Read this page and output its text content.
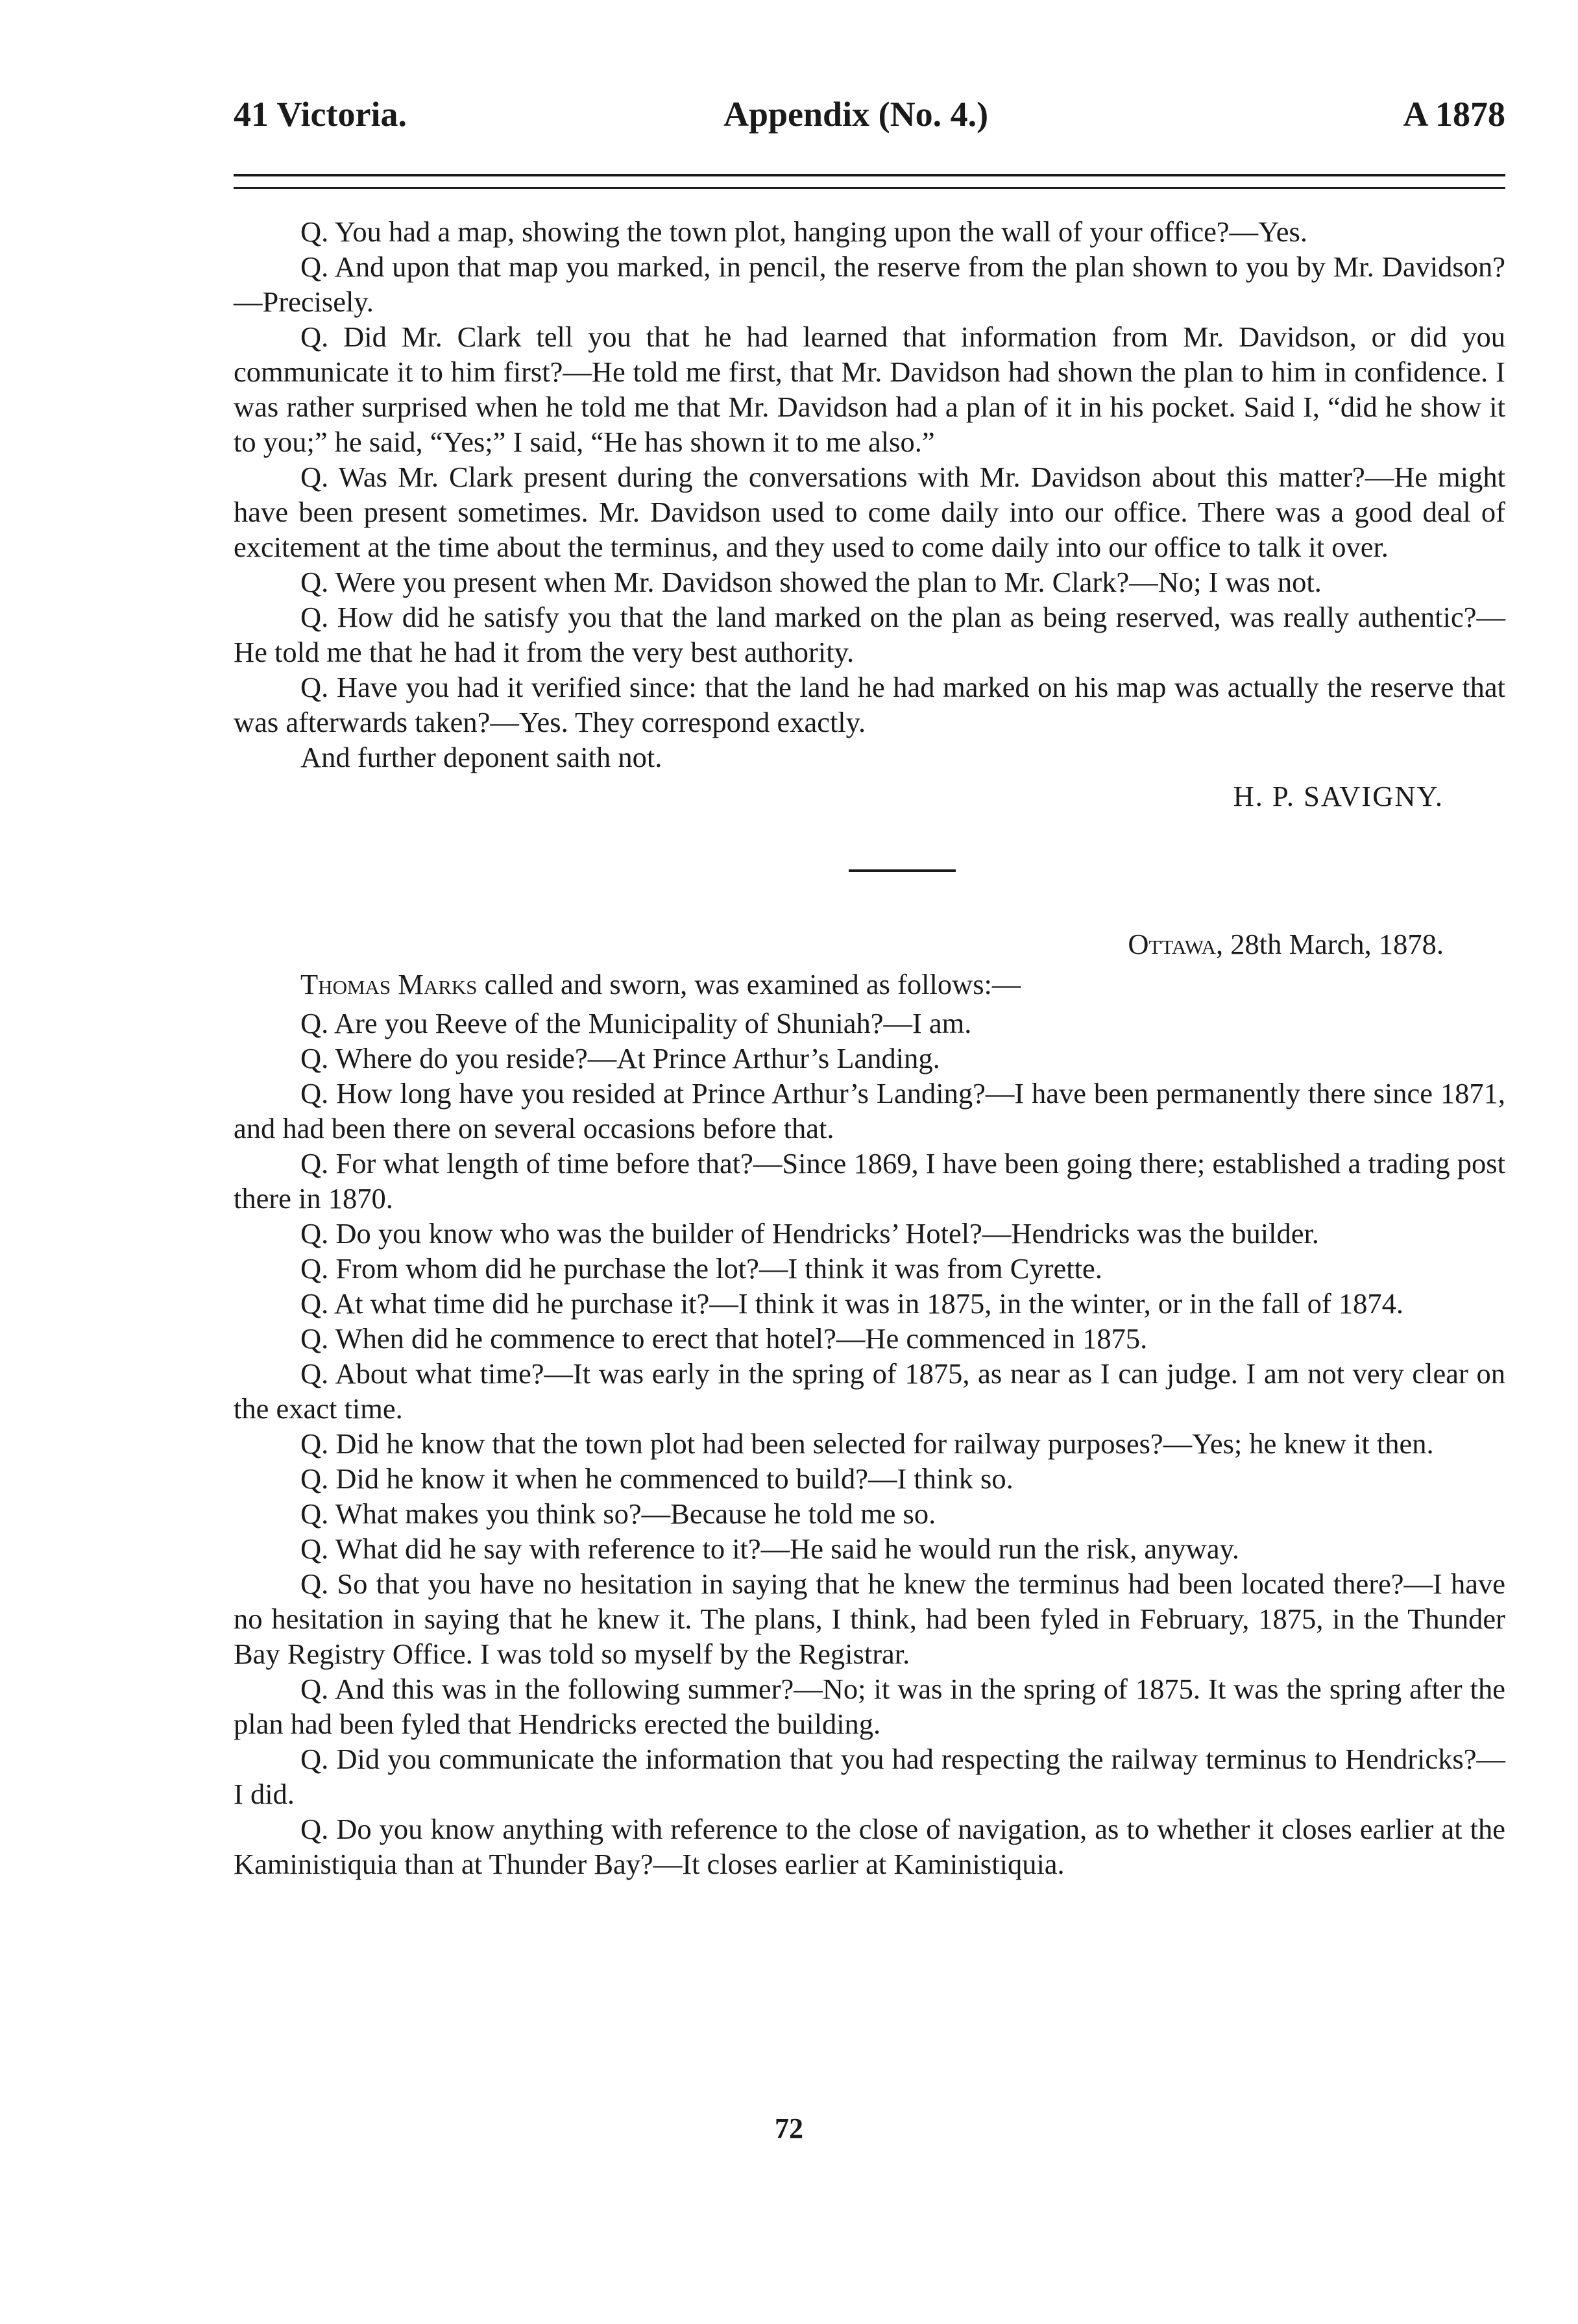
41 Victoria.	Appendix (No. 4.)	A 1878

Q. You had a map, showing the town plot, hanging upon the wall of your office?—Yes.

Q. And upon that map you marked, in pencil, the reserve from the plan shown to you by Mr. Davidson?—Precisely.

Q. Did Mr. Clark tell you that he had learned that information from Mr. Davidson, or did you communicate it to him first?—He told me first, that Mr. Davidson had shown the plan to him in confidence. I was rather surprised when he told me that Mr. Davidson had a plan of it in his pocket. Said I, “did he show it to you;” he said, “Yes;” I said, “He has shown it to me also.”

Q. Was Mr. Clark present during the conversations with Mr. Davidson about this matter?—He might have been present sometimes. Mr. Davidson used to come daily into our office. There was a good deal of excitement at the time about the terminus, and they used to come daily into our office to talk it over.

Q. Were you present when Mr. Davidson showed the plan to Mr. Clark?—No; I was not.

Q. How did he satisfy you that the land marked on the plan as being reserved, was really authentic?—He told me that he had it from the very best authority.

Q. Have you had it verified since: that the land he had marked on his map was actually the reserve that was afterwards taken?—Yes. They correspond exactly.

And further deponent saith not.

H. P. SAVIGNY.

Ottawa, 28th March, 1878.

Thomas Marks called and sworn, was examined as follows:—

Q. Are you Reeve of the Municipality of Shuniah?—I am.

Q. Where do you reside?—At Prince Arthur’s Landing.

Q. How long have you resided at Prince Arthur’s Landing?—I have been permanently there since 1871, and had been there on several occasions before that.

Q. For what length of time before that?—Since 1869, I have been going there; established a trading post there in 1870.

Q. Do you know who was the builder of Hendricks’ Hotel?—Hendricks was the builder.

Q. From whom did he purchase the lot?—I think it was from Cyrette.

Q. At what time did he purchase it?—I think it was in 1875, in the winter, or in the fall of 1874.

Q. When did he commence to erect that hotel?—He commenced in 1875.

Q. About what time?—It was early in the spring of 1875, as near as I can judge. I am not very clear on the exact time.

Q. Did he know that the town plot had been selected for railway purposes?—Yes; he knew it then.

Q. Did he know it when he commenced to build?—I think so.

Q. What makes you think so?—Because he told me so.

Q. What did he say with reference to it?—He said he would run the risk, anyway.

Q. So that you have no hesitation in saying that he knew the terminus had been located there?—I have no hesitation in saying that he knew it. The plans, I think, had been fyled in February, 1875, in the Thunder Bay Registry Office. I was told so myself by the Registrar.

Q. And this was in the following summer?—No; it was in the spring of 1875. It was the spring after the plan had been fyled that Hendricks erected the building.

Q. Did you communicate the information that you had respecting the railway terminus to Hendricks?—I did.

Q. Do you know anything with reference to the close of navigation, as to whether it closes earlier at the Kaministiquia than at Thunder Bay?—It closes earlier at Kaministiquia.

72
